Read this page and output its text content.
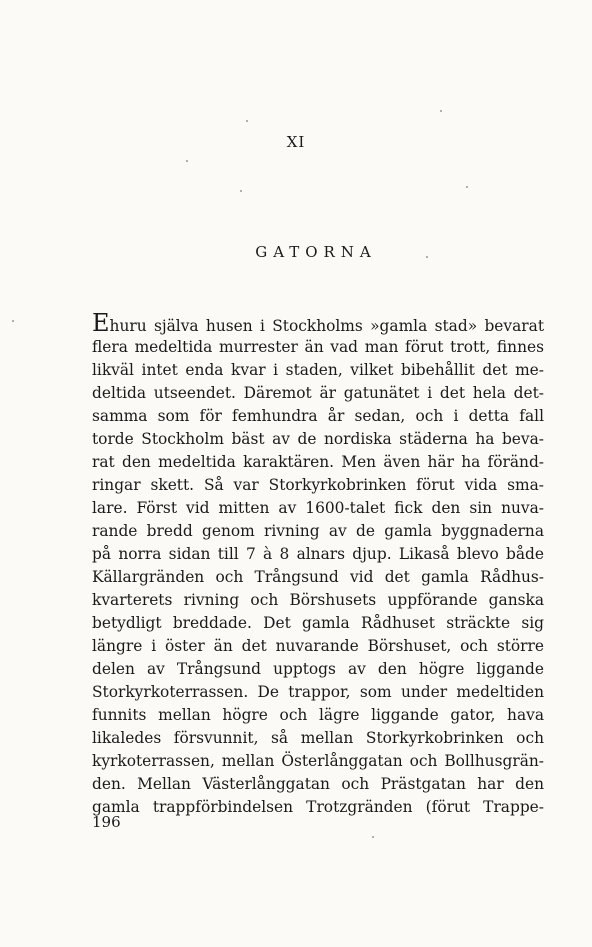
XI
GATORNA
Ehuru själva husen i Stockholms »gamla stad» bevarat
flera medeltida murrester än vad man förut trott, finnes
likväl intet enda kvar i staden, vilket bibehållit det me-
deltida utseendet. Däremot är gatunätet i det hela det-
samma som för femhundra år sedan, och i detta fall
torde Stockholm bäst av de nordiska städerna ha beva-
rat den medeltida karaktären. Men även här ha föränd-
ringar skett. Så var Storkyrkobrinken förut vida sma-
lare. Först vid mitten av 1600-talet fick den sin nuva-
rande bredd genom rivning av de gamla byggnaderna
på norra sidan till 7 à 8 alnars djup. Likaså blevo både
Källargränden och Trångsund vid det gamla Rådhus-
kvarterets rivning och Börshusets uppförande ganska
betydligt breddade. Det gamla Rådhuset sträckte sig
längre i öster än det nuvarande Börshuset, och större
delen av Trångsund upptogs av den högre liggande
Storkyrkoterrassen. De trappor, som under medeltiden
funnits mellan högre och lägre liggande gator, hava
likaledes försvunnit, så mellan Storkyrkobrinken och
kyrkoterrassen, mellan Österlånggatan och Bollhusgrän-
den. Mellan Västerlånggatan och Prästgatan har den
gamla trappförbindelsen Trotzgränden (förut Trappe-
196
